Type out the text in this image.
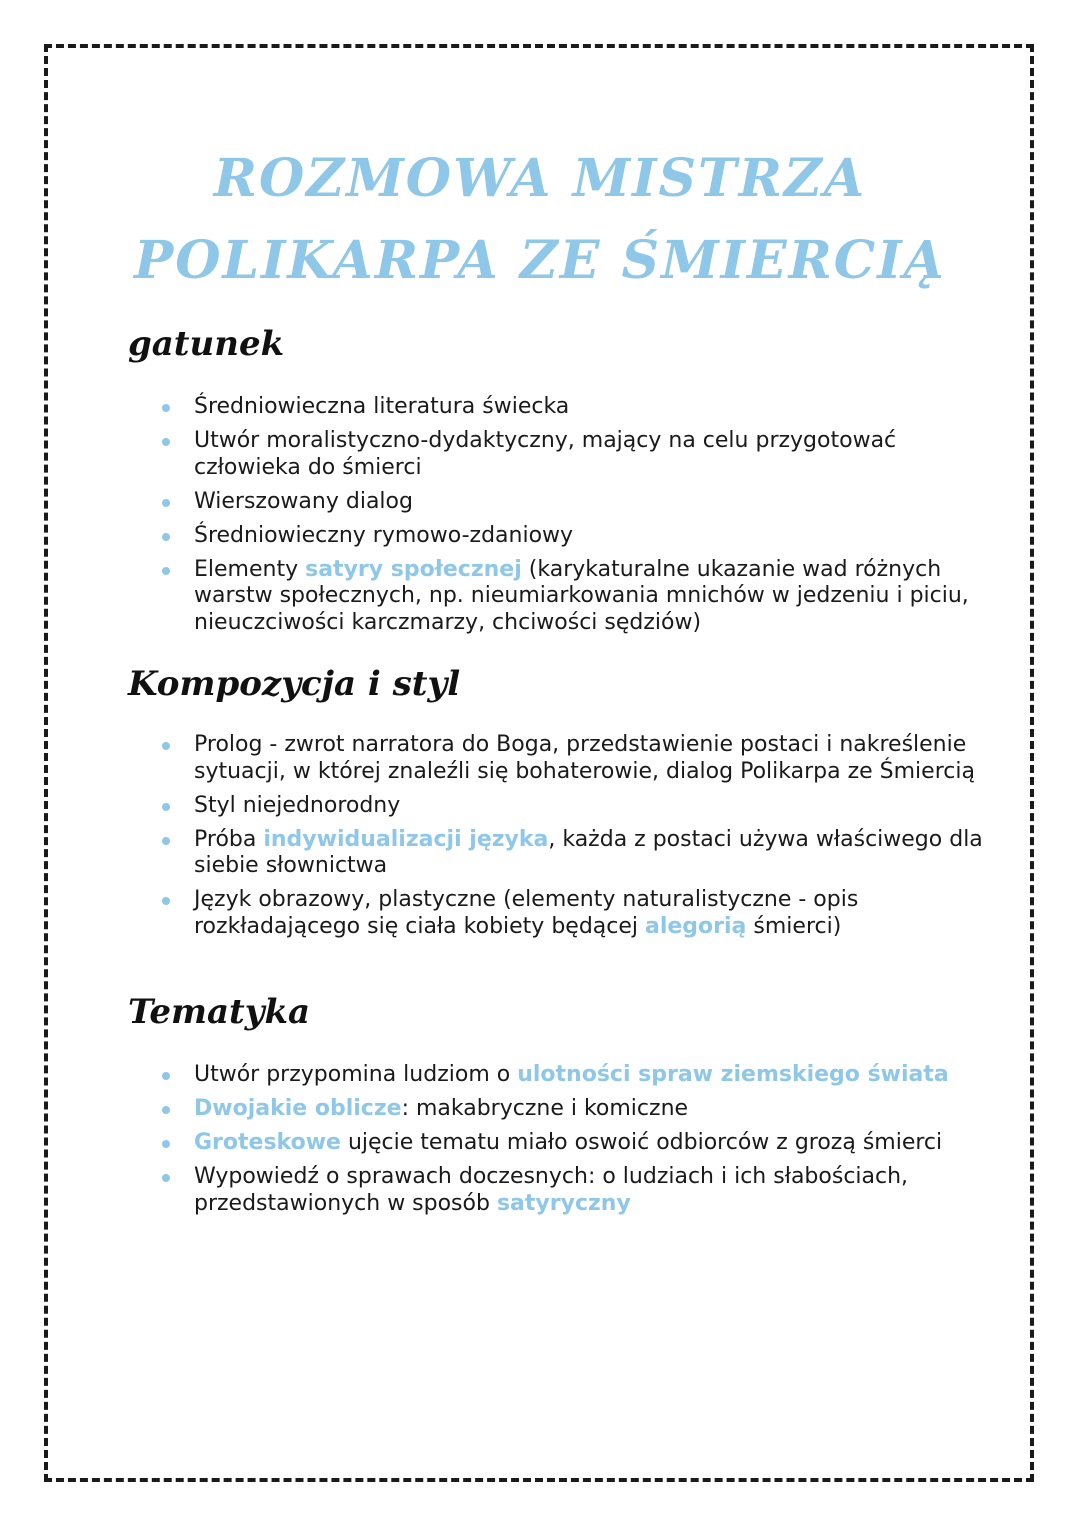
ROZMOWA MISTRZA POLIKARPA ZE ŚMIERCIĄ
gatunek
Średniowieczna literatura świecka
Utwór moralistyczno-dydaktyczny, mający na celu przygotować człowieka do śmierci
Wierszowany dialog
Średniowieczny rymowo-zdaniowy
Elementy satyry społecznej (karykaturalne ukazanie wad różnych warstw społecznych, np. nieumiarkowania mnichów w jedzeniu i piciu, nieuczciwości karczmarzy, chciwości sędziów)
Kompozycja i styl
Prolog - zwrot narratora do Boga, przedstawienie postaci i nakreślenie sytuacji, w której znaleźli się bohaterowie, dialog Polikarpa ze Śmiercią
Styl niejednorodny
Próba indywidualizacji języka, każda z postaci używa właściwego dla siebie słownictwa
Język obrazowy, plastyczne (elementy naturalistyczne - opis rozkładającego się ciała kobiety będącej alegorią śmierci)
Tematyka
Utwór przypomina ludziom o ulotności spraw ziemskiego świata
Dwojakie oblicze: makabryczne i komiczne
Groteskowe ujęcie tematu miało oswoić odbiorców z grozą śmierci
Wypowiedź o sprawach doczesnych: o ludziach i ich słabościach, przedstawionych w sposób satyryczny
